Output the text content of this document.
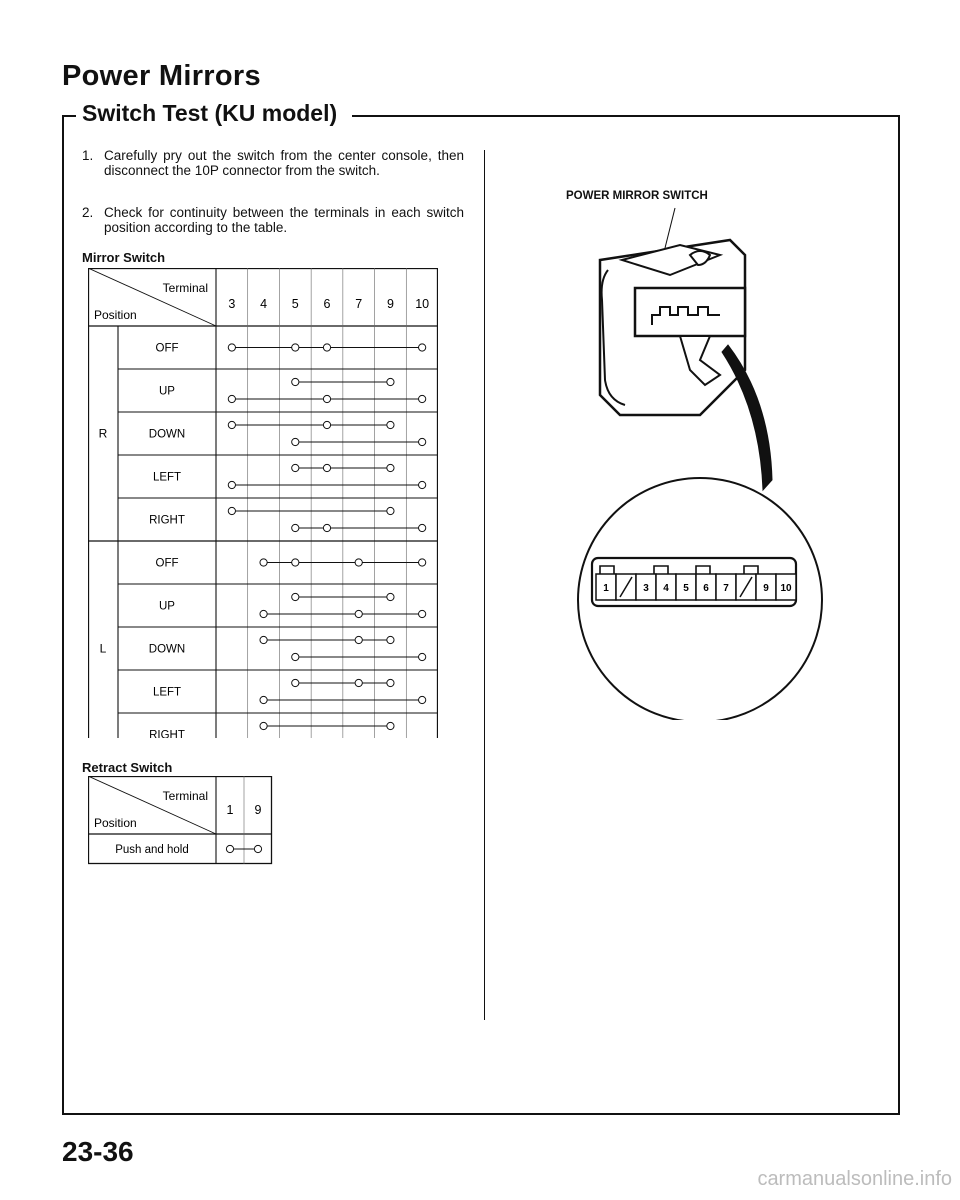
Power Mirrors
Switch Test (KU model)
1. Carefully pry out the switch from the center console, then disconnect the 10P connector from the switch.
2. Check for continuity between the terminals in each switch position according to the table.
Mirror Switch
Terminal
Position
3 4 5 6 7 9 10
R
OFF
UP
DOWN
LEFT
RIGHT
L
OFF
UP
DOWN
LEFT
RIGHT
Retract Switch
Terminal
Position
1 9
Push and hold
POWER MIRROR SWITCH
1	3 4 5 6 7	9 10
23-36
carmanualsonline.info
